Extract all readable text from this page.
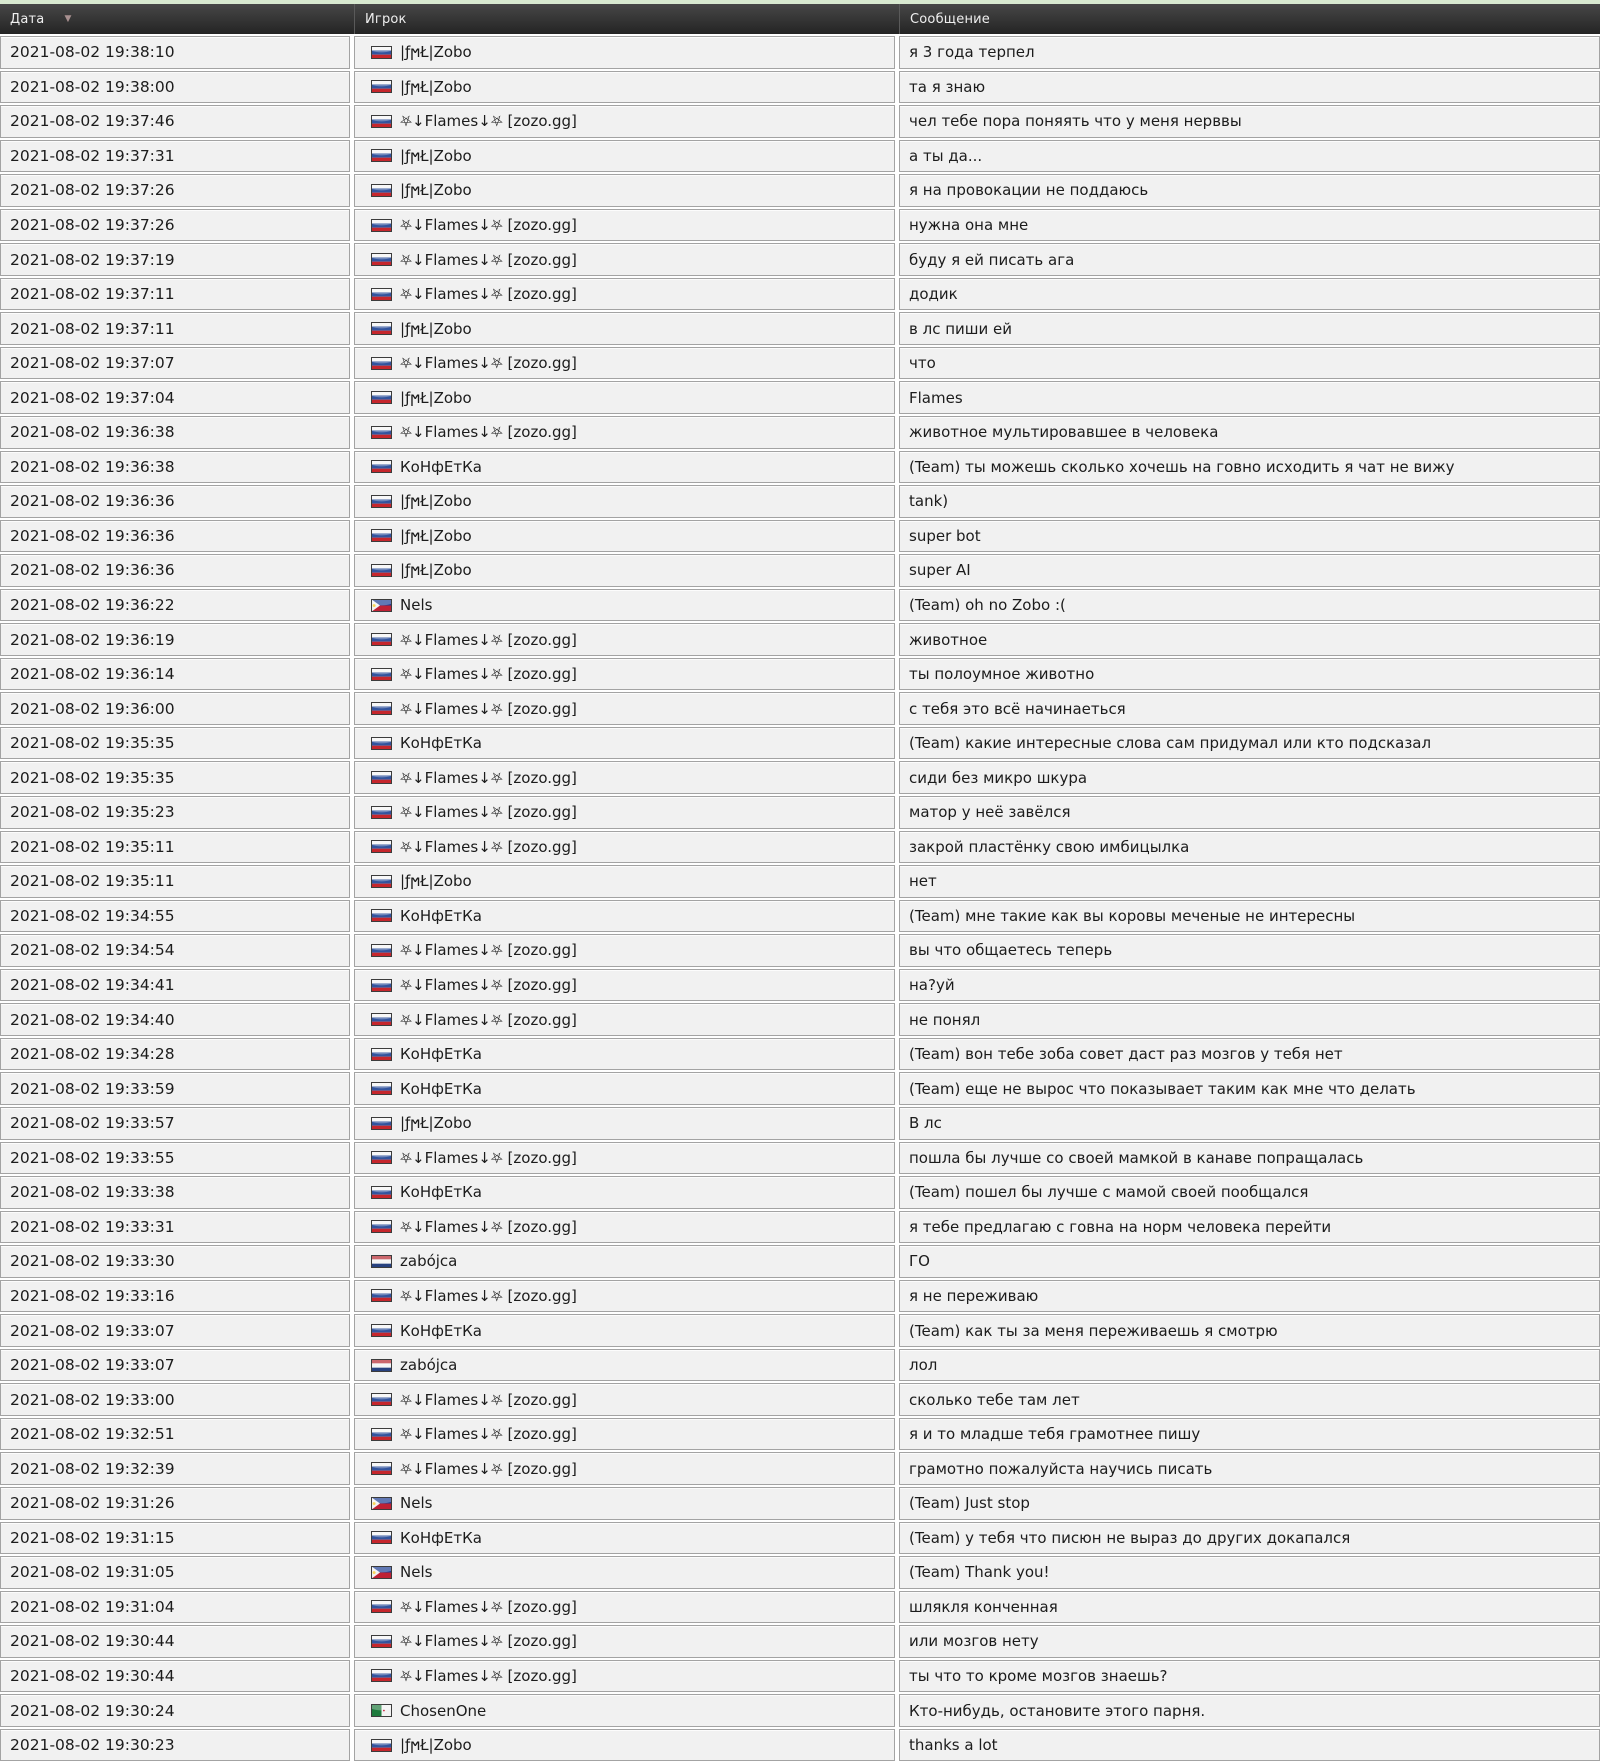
Дата ▼	Игрок	Сообщение
2021-08-02 19:38:10	|ƒϻŁ|Zobo	я 3 года терпел
2021-08-02 19:38:00	|ƒϻŁ|Zobo	та я знаю
2021-08-02 19:37:46	⛧↓Flames↓⛧ [zozo.gg]	чел тебе пора поняять что у меня нерввы
2021-08-02 19:37:31	|ƒϻŁ|Zobo	а ты да...
2021-08-02 19:37:26	|ƒϻŁ|Zobo	я на провокации не поддаюсь
2021-08-02 19:37:26	⛧↓Flames↓⛧ [zozo.gg]	нужна она мне
2021-08-02 19:37:19	⛧↓Flames↓⛧ [zozo.gg]	буду я ей писать ага
2021-08-02 19:37:11	⛧↓Flames↓⛧ [zozo.gg]	додик
2021-08-02 19:37:11	|ƒϻŁ|Zobo	в лс пиши ей
2021-08-02 19:37:07	⛧↓Flames↓⛧ [zozo.gg]	что
2021-08-02 19:37:04	|ƒϻŁ|Zobo	Flames
2021-08-02 19:36:38	⛧↓Flames↓⛧ [zozo.gg]	животное мультировавшее в человека
2021-08-02 19:36:38	КоНфЕтКа	(Team) ты можешь сколько хочешь на говно исходить я чат не вижу
2021-08-02 19:36:36	|ƒϻŁ|Zobo	tank)
2021-08-02 19:36:36	|ƒϻŁ|Zobo	super bot
2021-08-02 19:36:36	|ƒϻŁ|Zobo	super AI
2021-08-02 19:36:22	Nels	(Team) oh no Zobo :(
2021-08-02 19:36:19	⛧↓Flames↓⛧ [zozo.gg]	животное
2021-08-02 19:36:14	⛧↓Flames↓⛧ [zozo.gg]	ты полоумное животно
2021-08-02 19:36:00	⛧↓Flames↓⛧ [zozo.gg]	с тебя это всё начинаеться
2021-08-02 19:35:35	КоНфЕтКа	(Team) какие интересные слова сам придумал или кто подсказал
2021-08-02 19:35:35	⛧↓Flames↓⛧ [zozo.gg]	сиди без микро шкура
2021-08-02 19:35:23	⛧↓Flames↓⛧ [zozo.gg]	матор у неё завёлся
2021-08-02 19:35:11	⛧↓Flames↓⛧ [zozo.gg]	закрой пластёнку свою имбицылка
2021-08-02 19:35:11	|ƒϻŁ|Zobo	нет
2021-08-02 19:34:55	КоНфЕтКа	(Team) мне такие как вы коровы меченые не интересны
2021-08-02 19:34:54	⛧↓Flames↓⛧ [zozo.gg]	вы что общаетесь теперь
2021-08-02 19:34:41	⛧↓Flames↓⛧ [zozo.gg]	на?уй
2021-08-02 19:34:40	⛧↓Flames↓⛧ [zozo.gg]	не понял
2021-08-02 19:34:28	КоНфЕтКа	(Team) вон тебе зоба совет даст раз мозгов у тебя нет
2021-08-02 19:33:59	КоНфЕтКа	(Team) еще не вырос что показывает таким как мне что делать
2021-08-02 19:33:57	|ƒϻŁ|Zobo	В лс
2021-08-02 19:33:55	⛧↓Flames↓⛧ [zozo.gg]	пошла бы лучше со своей мамкой в канаве попращалась
2021-08-02 19:33:38	КоНфЕтКа	(Team) пошел бы лучше с мамой своей пообщался
2021-08-02 19:33:31	⛧↓Flames↓⛧ [zozo.gg]	я тебе предлагаю с говна на норм человека перейти
2021-08-02 19:33:30	zabójca	ГО
2021-08-02 19:33:16	⛧↓Flames↓⛧ [zozo.gg]	я не переживаю
2021-08-02 19:33:07	КоНфЕтКа	(Team) как ты за меня переживаешь я смотрю
2021-08-02 19:33:07	zabójca	лол
2021-08-02 19:33:00	⛧↓Flames↓⛧ [zozo.gg]	сколько тебе там лет
2021-08-02 19:32:51	⛧↓Flames↓⛧ [zozo.gg]	я и то младше тебя грамотнее пишу
2021-08-02 19:32:39	⛧↓Flames↓⛧ [zozo.gg]	грамотно пожалуйста научись писать
2021-08-02 19:31:26	Nels	(Team) Just stop
2021-08-02 19:31:15	КоНфЕтКа	(Team) у тебя что писюн не выраз до других докапался
2021-08-02 19:31:05	Nels	(Team) Thank you!
2021-08-02 19:31:04	⛧↓Flames↓⛧ [zozo.gg]	шлякля конченная
2021-08-02 19:30:44	⛧↓Flames↓⛧ [zozo.gg]	или мозгов нету
2021-08-02 19:30:44	⛧↓Flames↓⛧ [zozo.gg]	ты что то кроме мозгов знаешь?
2021-08-02 19:30:24	ChosenOne	Кто-нибудь, остановите этого парня.
2021-08-02 19:30:23	|ƒϻŁ|Zobo	thanks a lot
